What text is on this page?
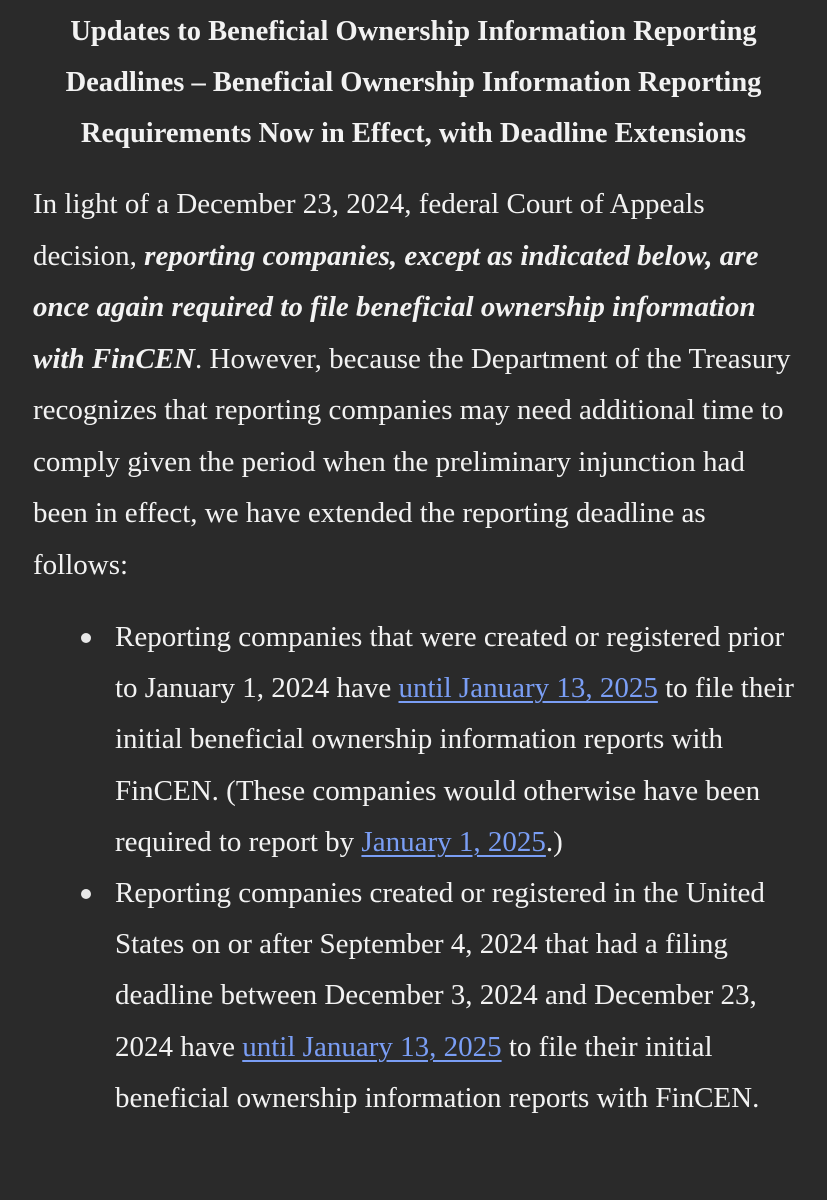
Updates to Beneficial Ownership Information Reporting Deadlines – Beneficial Ownership Information Reporting Requirements Now in Effect, with Deadline Extensions

In light of a December 23, 2024, federal Court of Appeals decision, reporting companies, except as indicated below, are once again required to file beneficial ownership information with FinCEN. However, because the Department of the Treasury recognizes that reporting companies may need additional time to comply given the period when the preliminary injunction had been in effect, we have extended the reporting deadline as follows:

Reporting companies that were created or registered prior to January 1, 2024 have until January 13, 2025 to file their initial beneficial ownership information reports with FinCEN. (These companies would otherwise have been required to report by January 1, 2025.)
Reporting companies created or registered in the United States on or after September 4, 2024 that had a filing deadline between December 3, 2024 and December 23, 2024 have until January 13, 2025 to file their initial beneficial ownership information reports with FinCEN.
